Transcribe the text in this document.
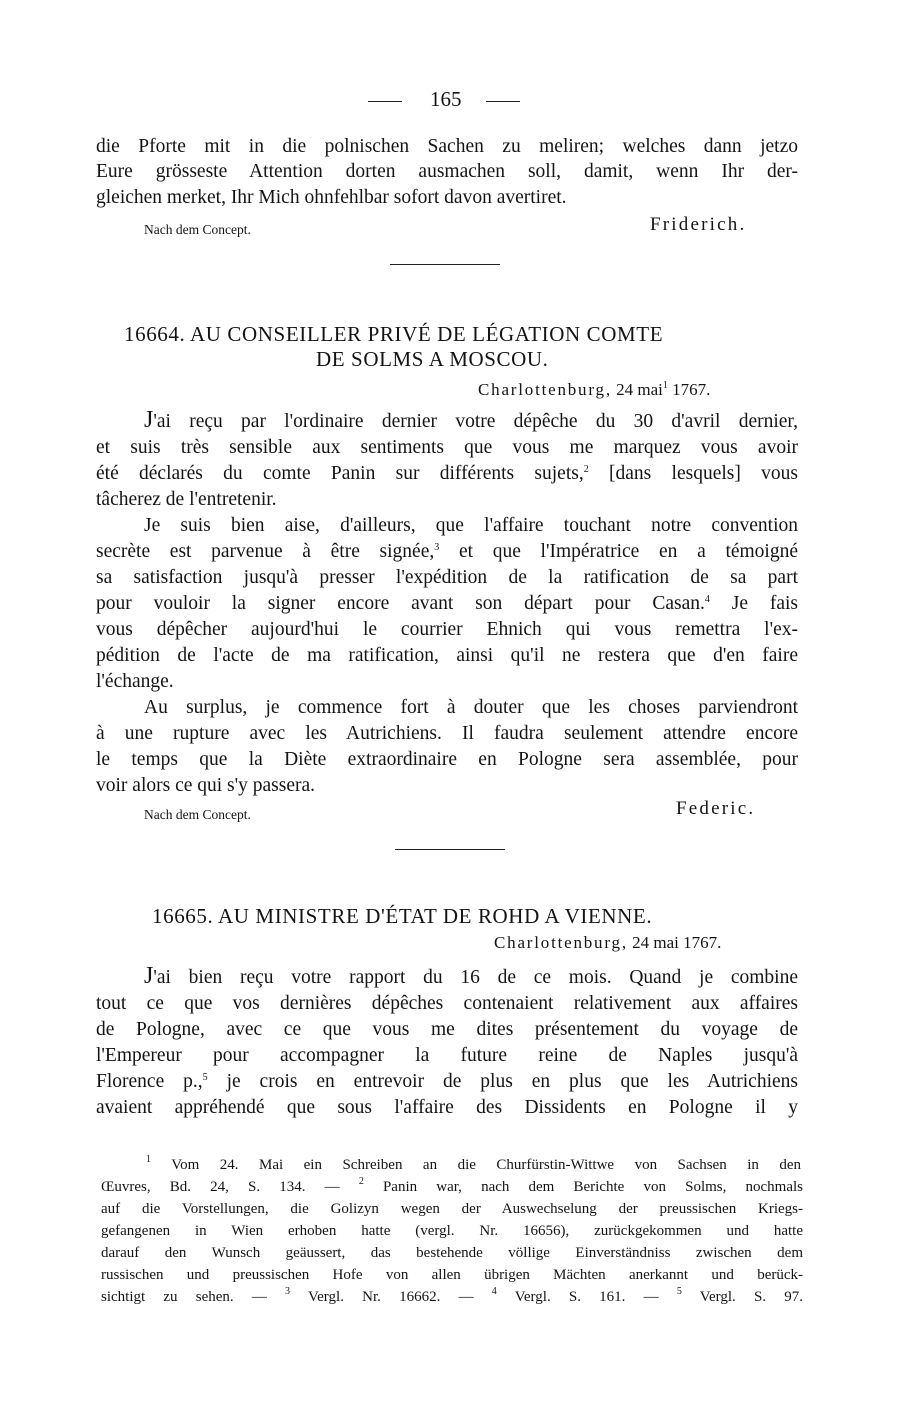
165
die Pforte mit in die polnischen Sachen zu meliren; welches dann jetzo
Eure grösseste Attention dorten ausmachen soll, damit, wenn Ihr der-
gleichen merket, Ihr Mich ohnfehlbar sofort davon avertiret.
Nach dem Concept.	Friderich.
16664. AU CONSEILLER PRIVÉ DE LÉGATION COMTE
DE SOLMS A MOSCOU.
Charlottenburg, 24 mai$^1$ 1767.
J'ai reçu par l'ordinaire dernier votre dépêche du 30 d'avril dernier,
et suis très sensible aux sentiments que vous me marquez vous avoir
été déclarés du comte Panin sur différents sujets,$^2$ [dans lesquels] vous
tâcherez de l'entretenir.
Je suis bien aise, d'ailleurs, que l'affaire touchant notre convention
secrète est parvenue à être signée,$^3$ et que l'Impératrice en a témoigné
sa satisfaction jusqu'à presser l'expédition de la ratification de sa part
pour vouloir la signer encore avant son départ pour Casan.$^4$ Je fais
vous dépêcher aujourd'hui le courrier Ehnich qui vous remettra l'ex-
pédition de l'acte de ma ratification, ainsi qu'il ne restera que d'en faire
l'échange.
Au surplus, je commence fort à douter que les choses parviendront
à une rupture avec les Autrichiens. Il faudra seulement attendre encore
le temps que la Diète extraordinaire en Pologne sera assemblée, pour
voir alors ce qui s'y passera.
Nach dem Concept.	Federic.
16665. AU MINISTRE D'ÉTAT DE ROHD A VIENNE.
Charlottenburg, 24 mai 1767.
J'ai bien reçu votre rapport du 16 de ce mois. Quand je combine
tout ce que vos dernières dépêches contenaient relativement aux affaires
de Pologne, avec ce que vous me dites présentement du voyage de
l'Empereur pour accompagner la future reine de Naples jusqu'à
Florence p.,$^5$ je crois en entrevoir de plus en plus que les Autrichiens
avaient appréhendé que sous l'affaire des Dissidents en Pologne il y
$^1$ Vom 24. Mai ein Schreiben an die Churfürstin-Wittwe von Sachsen in den
Œuvres, Bd. 24, S. 134. — $^2$ Panin war, nach dem Berichte von Solms, nochmals
auf die Vorstellungen, die Golizyn wegen der Auswechselung der preussischen Kriegs-
gefangenen in Wien erhoben hatte (vergl. Nr. 16656), zurückgekommen und hatte
darauf den Wunsch geäussert, das bestehende völlige Einverständniss zwischen dem
russischen und preussischen Hofe von allen übrigen Mächten anerkannt und berück-
sichtigt zu sehen. — $^3$ Vergl. Nr. 16662. — $^4$ Vergl. S. 161. — $^5$ Vergl. S. 97.
